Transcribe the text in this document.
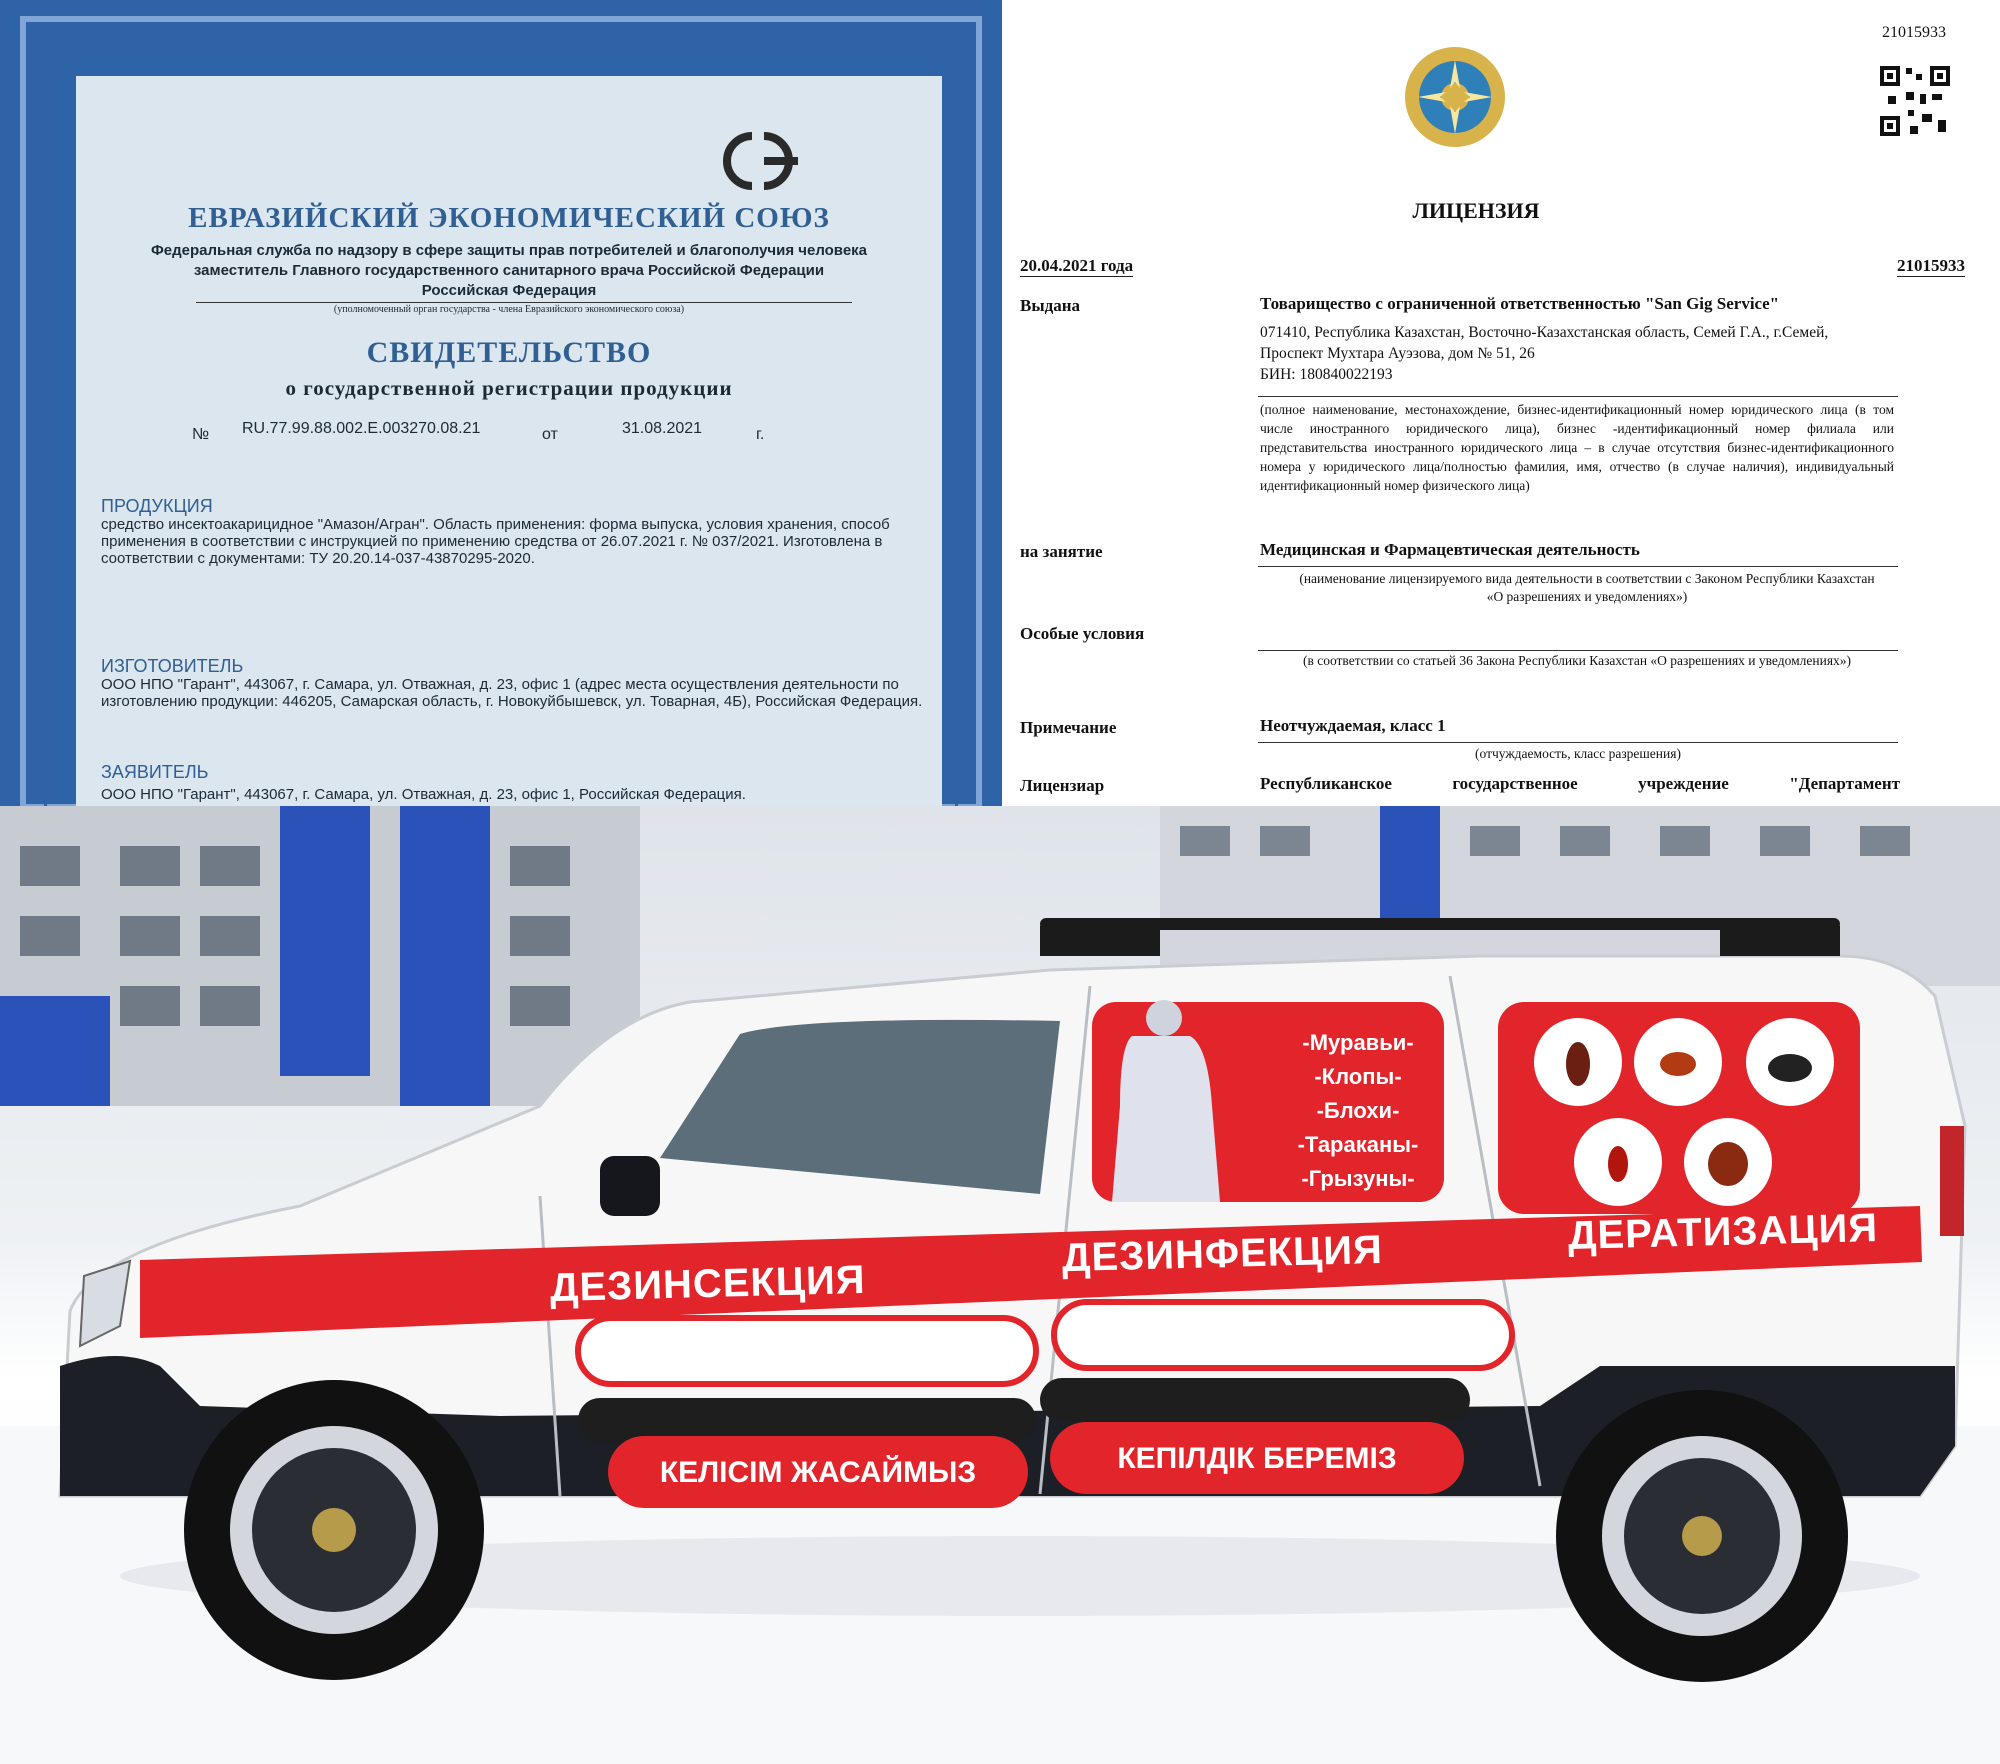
ЕВРАЗИЙСКИЙ ЭКОНОМИЧЕСКИЙ СОЮЗ
Федеральная служба по надзору в сфере защиты прав потребителей и благополучия человека
заместитель Главного государственного санитарного врача Российской Федерации
Российская Федерация
(уполномоченный орган государства - члена Евразийского экономического союза)
СВИДЕТЕЛЬСТВО
о государственной регистрации продукции
№ RU.77.99.88.002.Е.003270.08.21	от	31.08.2021	г.
ПРОДУКЦИЯ
средство инсектоакарицидное "Амазон/Агран". Область применения: форма выпуска, условия хранения, способ применения в соответствии с инструкцией по применению средства от 26.07.2021 г. № 037/2021. Изготовлена в соответствии с документами: ТУ 20.20.14-037-43870295-2020.
ИЗГОТОВИТЕЛЬ
ООО НПО "Гарант", 443067, г. Самара, ул. Отважная, д. 23, офис 1 (адрес места осуществления деятельности по изготовлению продукции: 446205, Самарская область, г. Новокуйбышевск, ул. Товарная, 4Б), Российская Федерация.
ЗАЯВИТЕЛЬ
ООО НПО "Гарант", 443067, г. Самара, ул. Отважная, д. 23, офис 1, Российская Федерация.
21015933
ЛИЦЕНЗИЯ
20.04.2021 года	21015933
Выдана	Товарищество с ограниченной ответственностью "San Gig Service"
071410, Республика Казахстан, Восточно-Казахстанская область, Семей Г.А., г.Семей, Проспект Мухтара Ауэзова, дом № 51, 26
БИН: 180840022193
(полное наименование, местонахождение, бизнес-идентификационный номер юридического лица (в том числе иностранного юридического лица), бизнес -идентификационный номер филиала или представительства иностранного юридического лица – в случае отсутствия бизнес-идентификационного номера у юридического лица/полностью фамилия, имя, отчество (в случае наличия), индивидуальный идентификационный номер физического лица)
на занятие	Медицинская и Фармацевтическая деятельность
(наименование лицензируемого вида деятельности в соответствии с Законом Республики Казахстан «О разрешениях и уведомлениях»)
Особые условия
(в соответствии со статьей 36 Закона Республики Казахстан «О разрешениях и уведомлениях»)
Примечание	Неотчуждаемая, класс 1
(отчуждаемость, класс разрешения)
Лицензиар	Республиканское государственное учреждение "Департамент
-Муравьи-
-Клопы-
-Блохи-
-Тараканы-
-Грызуны-
ДЕЗИНСЕКЦИЯ
ДЕЗИНФЕКЦИЯ	ДЕРАТИЗАЦИЯ
КЕЛІСІМ ЖАСАЙМЫЗ	КЕПІЛДІК БЕРЕМІЗ
